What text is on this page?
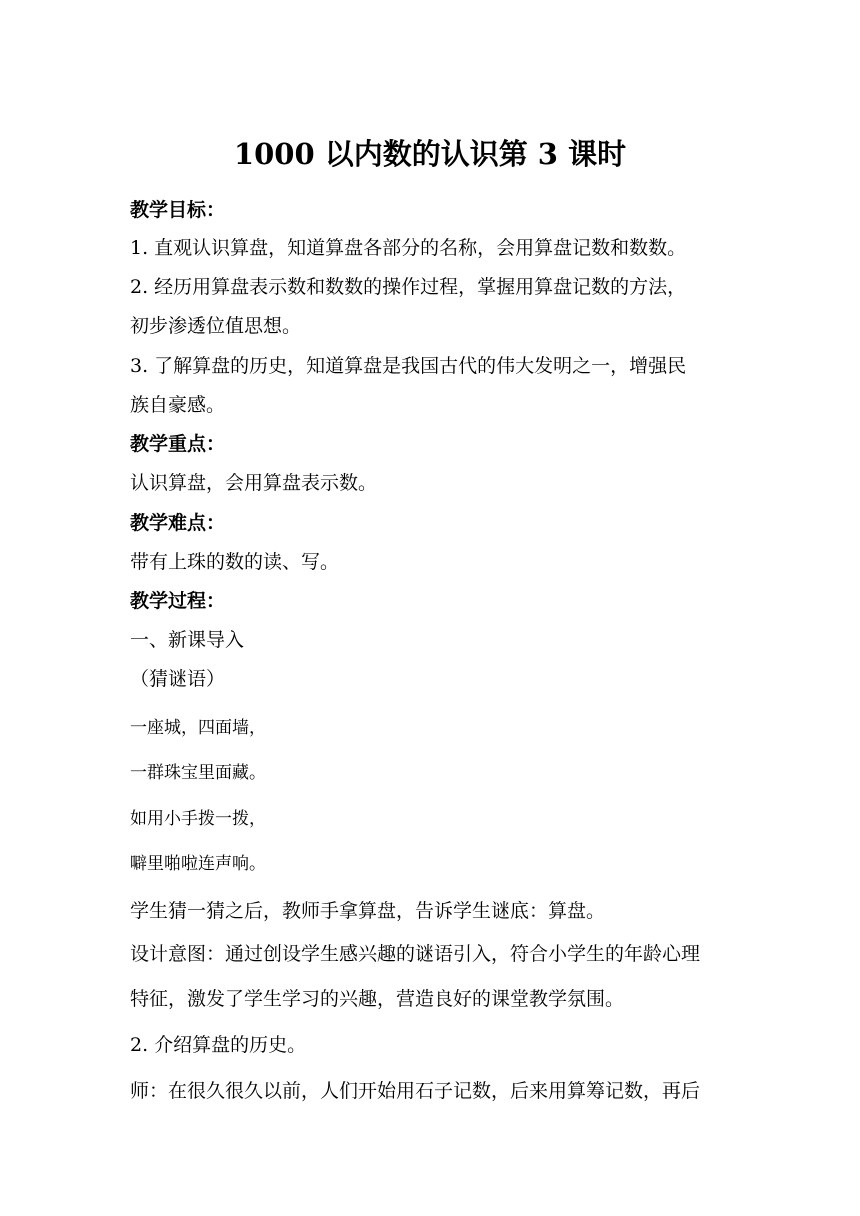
1000 以内数的认识第 3 课时
教学目标：
1. 直观认识算盘，知道算盘各部分的名称，会用算盘记数和数数。
2. 经历用算盘表示数和数数的操作过程，掌握用算盘记数的方法，
初步渗透位值思想。
3. 了解算盘的历史，知道算盘是我国古代的伟大发明之一，增强民
族自豪感。
教学重点：
认识算盘，会用算盘表示数。
教学难点：
带有上珠的数的读、写。
教学过程：
一、新课导入
（猜谜语）
一座城，四面墙，
一群珠宝里面藏。
如用小手拨一拨，
噼里啪啦连声响。
学生猜一猜之后，教师手拿算盘，告诉学生谜底：算盘。
设计意图：通过创设学生感兴趣的谜语引入，符合小学生的年龄心理
特征，激发了学生学习的兴趣，营造良好的课堂教学氛围。
2. 介绍算盘的历史。
师：在很久很久以前，人们开始用石子记数，后来用算筹记数，再后
